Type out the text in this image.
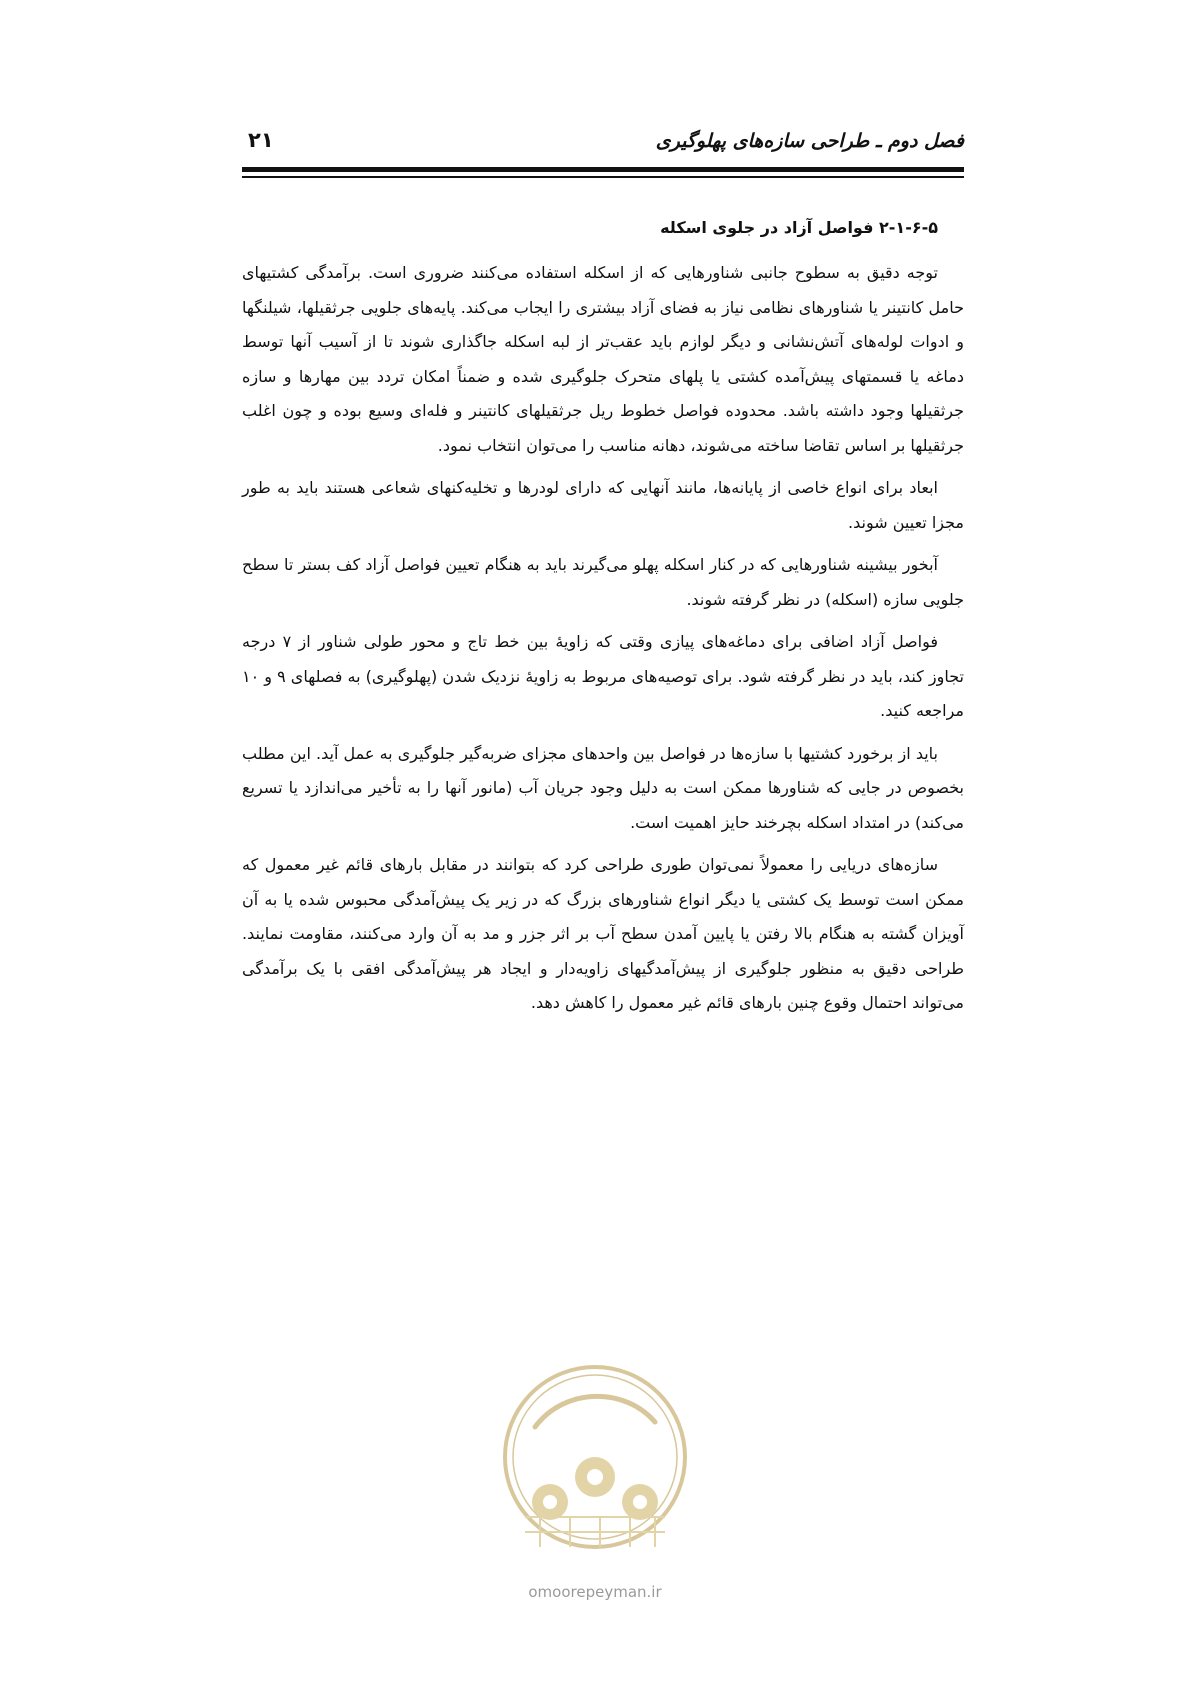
فصل دوم ـ طراحی سازه‌های پهلوگیری
۲۱
۲-۱-۶-۵ فواصل آزاد در جلوی اسکله

توجه دقیق به سطوح جانبی شناورهایی که از اسکله استفاده می‌کنند ضروری است. برآمدگی کشتیهای حامل کانتینر یا شناورهای نظامی نیاز به فضای آزاد بیشتری را ایجاب می‌کند. پایه‌های جلویی جرثقیلها، شیلنگها و ادوات لوله‌های آتش‌نشانی و دیگر لوازم باید عقب‌تر از لبه اسکله جاگذاری شوند تا از آسیب آنها توسط دماغه یا قسمتهای پیش‌آمده کشتی یا پلهای متحرک جلوگیری شده و ضمناً امکان تردد بین مهارها و سازه جرثقیلها وجود داشته باشد. محدوده فواصل خطوط ریل جرثقیلهای کانتینر و فله‌ای وسیع بوده و چون اغلب جرثقیلها بر اساس تقاضا ساخته می‌شوند، دهانه مناسب را می‌توان انتخاب نمود.

ابعاد برای انواع خاصی از پایانه‌ها، مانند آنهایی که دارای لودرها و تخلیه‌کنهای شعاعی هستند باید به طور مجزا تعیین شوند.

آبخور بیشینه شناورهایی که در کنار اسکله پهلو می‌گیرند باید به هنگام تعیین فواصل آزاد کف بستر تا سطح جلویی سازه (اسکله) در نظر گرفته شوند.

فواصل آزاد اضافی برای دماغه‌های پیازی وقتی که زاویهٔ بین خط تاج و محور طولی شناور از ۷ درجه تجاوز کند، باید در نظر گرفته شود. برای توصیه‌های مربوط به زاویهٔ نزدیک شدن (پهلوگیری) به فصلهای ۹ و ۱۰ مراجعه کنید.

باید از برخورد کشتیها با سازه‌ها در فواصل بین واحدهای مجزای ضربه‌گیر جلوگیری به عمل آید. این مطلب بخصوص در جایی که شناورها ممکن است به دلیل وجود جریان آب (مانور آنها را به تأخیر می‌اندازد یا تسریع می‌کند) در امتداد اسکله بچرخند حایز اهمیت است.

سازه‌های دریایی را معمولاً نمی‌توان طوری طراحی کرد که بتوانند در مقابل بارهای قائم غیر معمول که ممکن است توسط یک کشتی یا دیگر انواع شناورهای بزرگ که در زیر یک پیش‌آمدگی محبوس شده یا به آن آویزان گشته به هنگام بالا رفتن یا پایین آمدن سطح آب بر اثر جزر و مد به آن وارد می‌کنند، مقاومت نمایند. طراحی دقیق به منظور جلوگیری از پیش‌آمدگیهای زاویه‌دار و ایجاد هر پیش‌آمدگی افقی با یک برآمدگی می‌تواند احتمال وقوع چنین بارهای قائم غیر معمول را کاهش دهد.

omoorepeyman.ir
